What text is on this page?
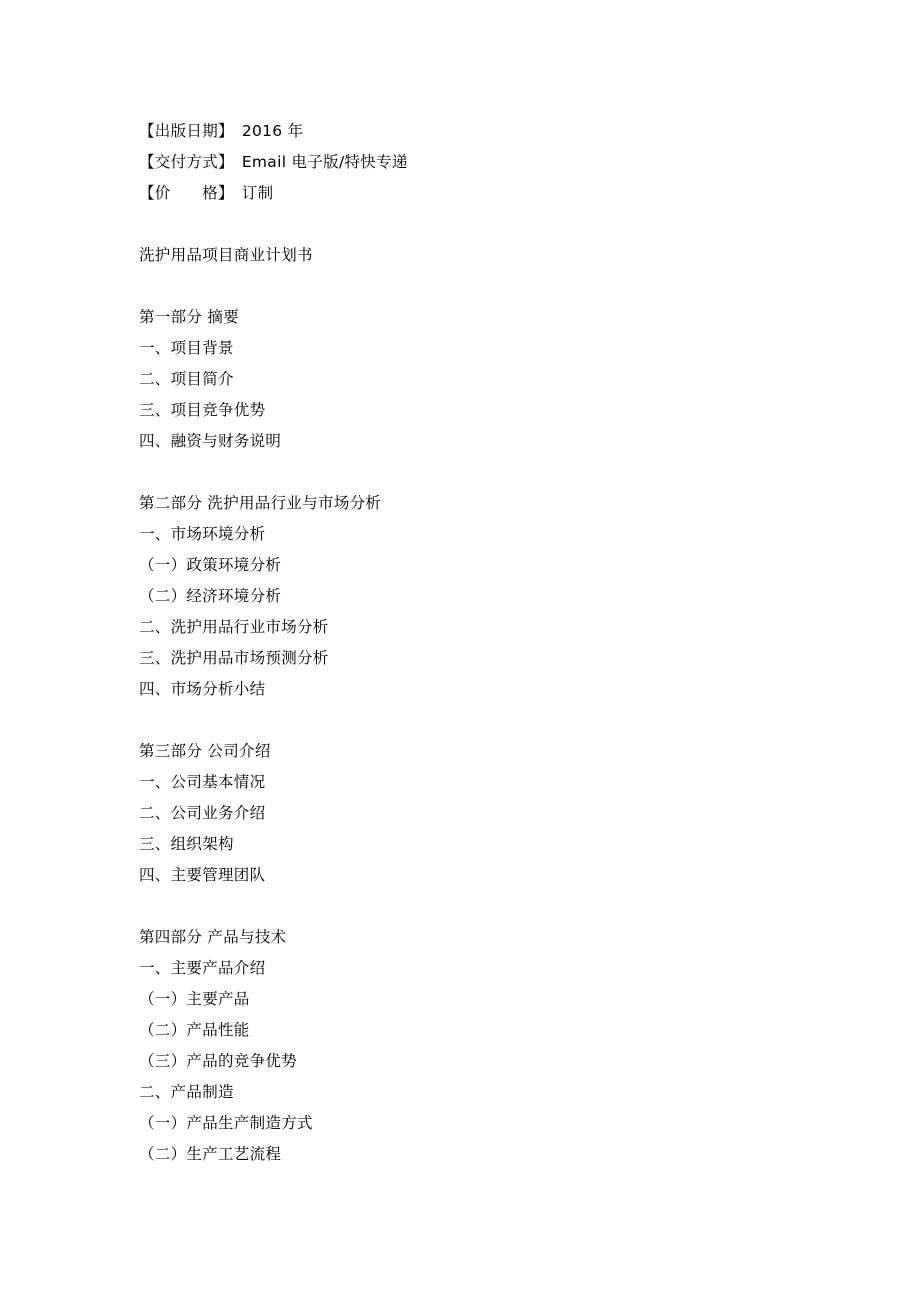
【出版日期】 2016 年
【交付方式】 Email 电子版/特快专递
【价　　格】 订制
洗护用品项目商业计划书
第一部分 摘要
一、项目背景
二、项目简介
三、项目竞争优势
四、融资与财务说明
第二部分 洗护用品行业与市场分析
一、市场环境分析
（一）政策环境分析
（二）经济环境分析
二、洗护用品行业市场分析
三、洗护用品市场预测分析
四、市场分析小结
第三部分 公司介绍
一、公司基本情况
二、公司业务介绍
三、组织架构
四、主要管理团队
第四部分 产品与技术
一、主要产品介绍
（一）主要产品
（二）产品性能
（三）产品的竞争优势
二、产品制造
（一）产品生产制造方式
（二）生产工艺流程
